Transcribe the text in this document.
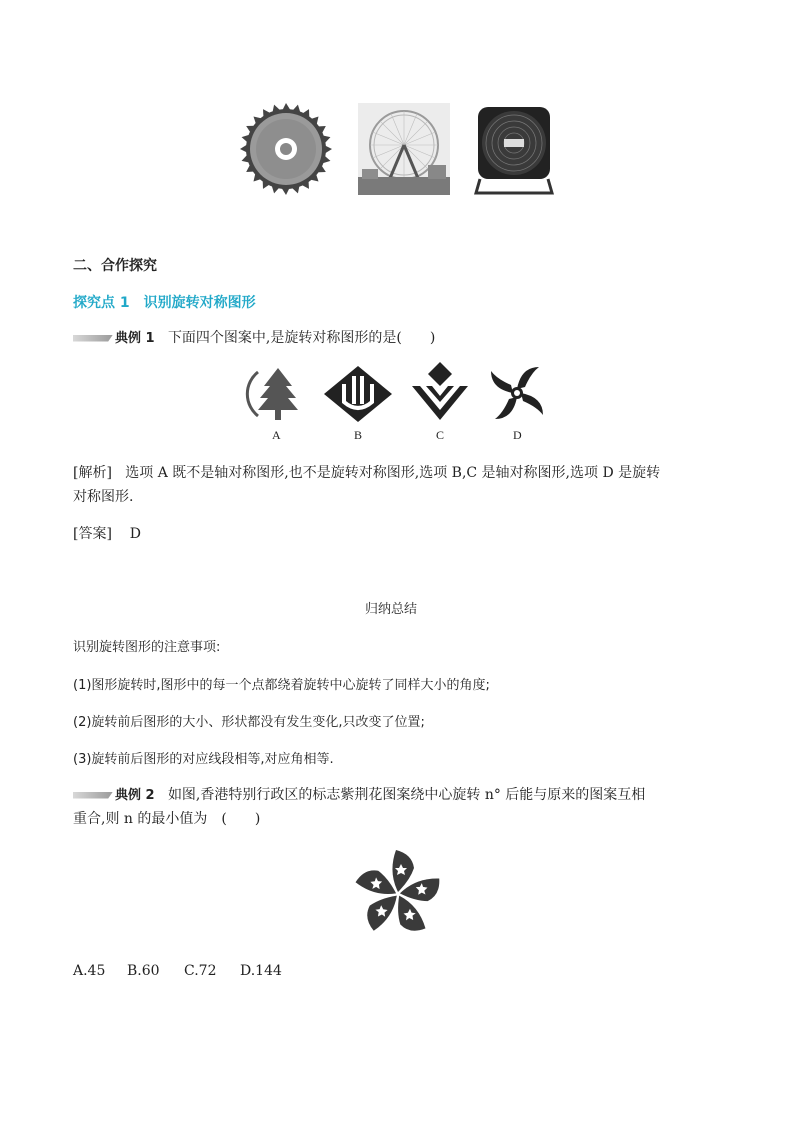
二、合作探究
探究点 1　识别旋转对称图形
典例 1 下面四个图案中,是旋转对称图形的是(　　)
A	B	C	D
[解析] 选项 A 既不是轴对称图形,也不是旋转对称图形,选项 B,C 是轴对称图形,选项 D 是旋转
对称图形.
[答案] D
归纳总结
识别旋转图形的注意事项:
(1)图形旋转时,图形中的每一个点都绕着旋转中心旋转了同样大小的角度;
(2)旋转前后图形的大小、形状都没有发生变化,只改变了位置;
(3)旋转前后图形的对应线段相等,对应角相等.
典例 2 如图,香港特别行政区的标志紫荆花图案绕中心旋转 n° 后能与原来的图案互相
重合,则 n 的最小值为　(　　)
A.45 B.60 C.72 D.144
